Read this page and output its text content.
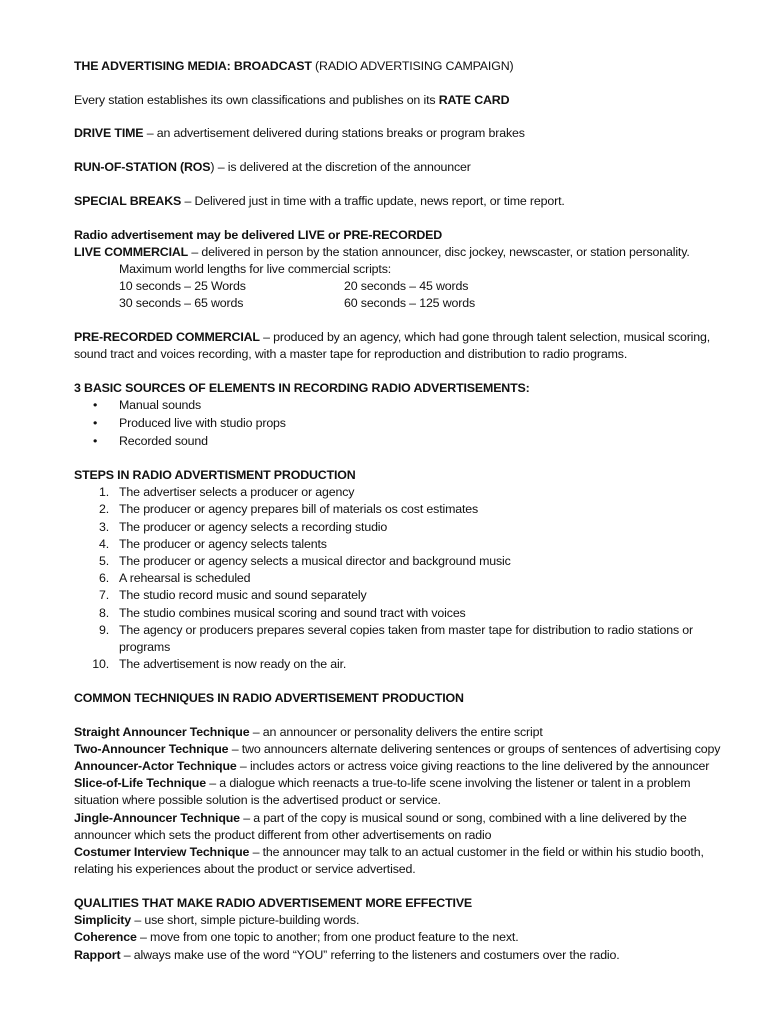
THE ADVERTISING MEDIA: BROADCAST (RADIO ADVERTISING CAMPAIGN)

Every station establishes its own classifications and publishes on its RATE CARD

DRIVE TIME – an advertisement delivered during stations breaks or program brakes

RUN-OF-STATION (ROS) – is delivered at the discretion of the announcer

SPECIAL BREAKS – Delivered just in time with a traffic update, news report, or time report.

Radio advertisement may be delivered LIVE or PRE-RECORDED

LIVE COMMERCIAL – delivered in person by the station announcer, disc jockey, newscaster, or station personality.

Maximum world lengths for live commercial scripts:

10 seconds – 25 Words	20 seconds – 45 words
30 seconds – 65 words	60 seconds – 125 words

PRE-RECORDED COMMERCIAL – produced by an agency, which had gone through talent selection, musical scoring, sound tract and voices recording, with a master tape for reproduction and distribution to radio programs.

3 BASIC SOURCES OF ELEMENTS IN RECORDING RADIO ADVERTISEMENTS:

• Manual sounds
• Produced live with studio props
• Recorded sound

STEPS IN RADIO ADVERTISMENT PRODUCTION

1. The advertiser selects a producer or agency
2. The producer or agency prepares bill of materials os cost estimates
3. The producer or agency selects a recording studio
4. The producer or agency selects talents
5. The producer or agency selects a musical director and background music
6. A rehearsal is scheduled
7. The studio record music and sound separately
8. The studio combines musical scoring and sound tract with voices
9. The agency or producers prepares several copies taken from master tape for distribution to radio stations or programs
10. The advertisement is now ready on the air.

COMMON TECHNIQUES IN RADIO ADVERTISEMENT PRODUCTION

Straight Announcer Technique – an announcer or personality delivers the entire script

Two-Announcer Technique – two announcers alternate delivering sentences or groups of sentences of advertising copy

Announcer-Actor Technique – includes actors or actress voice giving reactions to the line delivered by the announcer

Slice-of-Life Technique – a dialogue which reenacts a true-to-life scene involving the listener or talent in a problem situation where possible solution is the advertised product or service.

Jingle-Announcer Technique – a part of the copy is musical sound or song, combined with a line delivered by the announcer which sets the product different from other advertisements on radio

Costumer Interview Technique – the announcer may talk to an actual customer in the field or within his studio booth, relating his experiences about the product or service advertised.

QUALITIES THAT MAKE RADIO ADVERTISEMENT MORE EFFECTIVE

Simplicity – use short, simple picture-building words.

Coherence – move from one topic to another; from one product feature to the next.

Rapport – always make use of the word “YOU” referring to the listeners and costumers over the radio.
